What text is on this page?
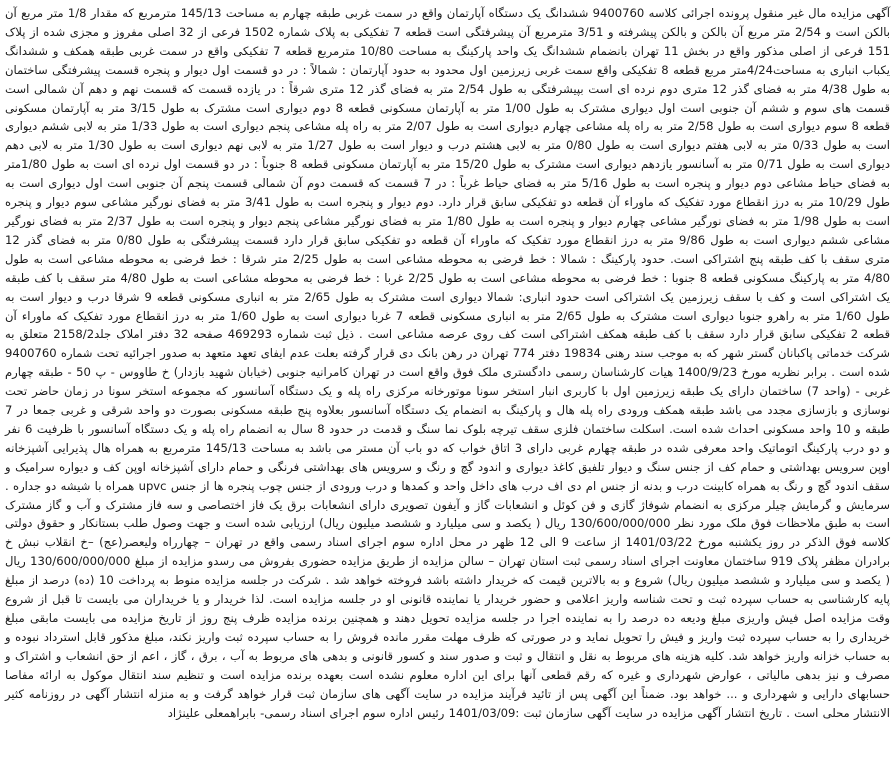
آگهی مزایده مال غیر منقول پرونده اجرائی کلاسه 9400760 ششدانگ یک دستگاه آپارتمان واقع در سمت غربی طبقه چهارم به مساحت 145/13 مترمربع که مقدار 1/8 متر مربع آن بالکن است و 2/54 متر مربع آن بالکن و بالکن پیشرفته و 3/51 مترمربع آن پیشرفتگی است قطعه 7 تفکیکی به پلاک شماره 1502 فرعی از 32 اصلی مفروز و مجزی شده از پلاک 151 فرعی از اصلی مذکور واقع در بخش 11 تهران بانضمام ششدانگ یک واحد پارکینگ به مساحت 10/80 مترمربع قطعه 7 تفکیکی واقع در سمت غربی طبقه همکف و ششدانگ یکباب انباری به مساحت4/24متر مربع قطعه 8 تفکیکی واقع سمت غربی زیرزمین اول محدود به حدود آپارتمان : شمالاً : در دو قسمت اول دیوار و پنجره قسمت پیشرفتگی ساختمان به طول 4/38 متر به فضای گذر 12 متری دوم نرده ای است بپیشرفتگی به طول 2/54 متر به فضای گذر 12 متری شرقاً : در یازده قسمت که قسمت نهم و دهم آن شمالی است قسمت های سوم و ششم آن جنوبی است اول دیواری مشترک به طول 1/00 متر به آپارتمان مسکونی قطعه 8 دوم دیواری است مشترک به طول 3/15 متر به آپارتمان مسکونی قطعه 8 سوم دیواری است به طول 2/58 متر به راه پله مشاعی چهارم دیواری است به طول 2/07 متر به راه پله مشاعی پنجم دیواری است به طول 1/33 متر به لابی ششم دیواری است به طول 0/33 متر به لابی هفتم دیواری است به طول 0/80 متر به لابی هشتم درب و دیوار است به طول 1/27 متر به لابی نهم دیواری است به طول 1/30 متر به لابی دهم دیواری است به طول 0/71 متر به آسانسور یازدهم دیواری است مشترک به طول 15/20 متر به آپارتمان مسکونی قطعه 8 جنوباً : در دو قسمت اول نرده ای است به طول 1/80متر به فضای حیاط مشاعی دوم دیوار و پنجره است به طول 5/16 متر به فضای حیاط غرباً : در 7 قسمت که قسمت دوم آن شمالی قسمت پنجم آن جنوبی است اول دیواری است به طول 10/29 متر به درز انقطاع مورد تفکیک که ماوراء آن قطعه دو تفکیکی سابق قرار دارد. دوم دیوار و پنجره است به طول 3/41 متر به فضای نورگیر مشاعی سوم دیوار و پنجره است به طول 1/98 متر به فضای نورگیر مشاعی چهارم دیوار و پنجره است به طول 1/80 متر به فضای نورگیر مشاعی پنجم دیوار و پنجره است به طول 2/37 متر به فضای نورگیر مشاعی ششم دیواری است به طول 9/86 متر به درز انقطاع مورد تفکیک که ماوراء آن قطعه دو تفکیکی سابق قرار دارد قسمت پیشرفتگی به طول 0/80 متر به فضای گذر 12 متری سقف با کف طبقه پنج اشتراکی است. حدود پارکینگ : شمالا : خط فرضی به محوطه مشاعی است به طول 2/25 متر شرقا : خط فرضی به محوطه مشاعی است به طول 4/80 متر به پارکینگ مسکونی قطعه 8 جنوبا : خط فرضی به محوطه مشاعی است به طول 2/25 غربا : خط فرضی به محوطه مشاعی است به طول 4/80 متر سقف با کف طبقه یک اشتراکی است و کف با سقف زیرزمین یک اشتراکی است حدود انباری: شمالا دیواری است مشترک به طول 2/65 متر به انباری مسکونی قطعه 9 شرقا درب و دیوار است به طول 1/60 متر به راهرو جنوبا دیواری است مشترک به طول 2/65 متر به انباری مسکونی قطعه 7 غربا دیواری است به طول 1/60 متر به درز انقطاع مورد تفکیک که ماوراء آن قطعه 2 تفکیکی سابق قرار دارد سقف با کف طبقه همکف اشتراکی است کف روی عرصه مشاعی است . ذیل ثبت شماره 469293 صفحه 32 دفتر املاک جلد2158/2 متعلق به شرکت خدماتی پاکبانان گستر شهر که به موجب سند رهنی 19834 دفتر 774 تهران در رهن بانک دی قرار گرفته بعلت عدم ایفای تعهد متعهد به صدور اجرائیه تحت شماره 9400760 شده است . برابر نظریه مورخ 1400/9/23 هیات کارشناسان رسمی دادگستری ملک فوق واقع است در تهران کامرانیه جنوبی (خیابان شهید بازدار) خ طاووس - پ 50 - طبقه چهارم غربی - (واحد 7) ساختمان دارای یک طبقه زیرزمین اول با کاربری انبار استخر سونا موتورخانه مرکزی راه پله و یک دستگاه آسانسور که مجموعه استخر سونا در زمان حاضر تحت نوسازی و بازسازی مجدد می باشد طبقه همکف ورودی راه پله هال و پارکینگ به انضمام یک دستگاه آسانسور بعلاوه پنج طبقه مسکونی بصورت دو واحد شرقی و غربی جمعا در 7 طبقه و 10 واحد مسکونی احداث شده است. اسکلت ساختمان فلزی سقف تیرچه بلوک نما سنگ و قدمت در حدود 8 سال به انضمام راه پله و یک دستگاه آسانسور با ظرفیت 6 نفر و دو درب پارکینگ اتوماتیک واحد معرفی شده در طبقه چهارم غربی دارای 3 اتاق خواب که دو باب آن مستر می باشد به مساحت 145/13 مترمربع به همراه هال پذیرایی آشپزخانه اوپن سرویس بهداشتی و حمام کف از جنس سنگ و دیوار تلفیق کاغذ دیواری و اندود گچ و رنگ و سرویس های بهداشتی فرنگی و حمام دارای آشپزخانه اوپن کف و دیواره سرامیک و سقف اندود گچ و رنگ به همراه کابینت درب و بدنه از جنس ام دی اف درب های داخل واحد و کمدها و درب ورودی از جنس چوب پنجره ها از جنس upvc همراه با شیشه دو جداره . سرمایش و گرمایش چیلر مرکزی به انضمام شوفاژ گازی و فن کوئل و انشعابات گاز و آیفون تصویری دارای انشعابات برق یک فاز اختصاصی و سه فاز مشترک و آب و گاز مشترک است به طبق ملاحظات فوق ملک مورد نظر 130/600/000/000 ریال ( یکصد و سی میلیارد و ششصد میلیون ریال) ارزیابی شده است و جهت وصول طلب بستانکار و حقوق دولتی کلاسه فوق الذکر در روز یکشنبه مورخ 1401/03/22 از ساعت 9 الی 12 ظهر در محل اداره سوم اجرای اسناد رسمی واقع در تهران – چهارراه ولیعصر(عج) –خ انقلاب نبش خ برادران مظفر پلاک 919 ساختمان معاونت اجرای اسناد رسمی ثبت استان تهران – سالن مزایده از طریق مزایده حضوری بفروش می رسدو مزایده از مبلغ 130/600/000/000 ریال ( یکصد و سی میلیارد و ششصد میلیون ریال) شروع و به بالاترین قیمت که خریدار داشته باشد فروخته خواهد شد . شرکت در جلسه مزایده منوط به پرداخت 10 (ده) درصد از مبلغ پایه کارشناسی به حساب سپرده ثبت و تحت شناسه واریز اعلامی و حضور خریدار یا نماینده قانونی او در جلسه مزایده است. لذا خریدار و یا خریداران می بایست تا قبل از شروع وقت مزایده اصل فیش واریزی مبلغ ودیعه ده درصد را به نماینده اجرا در جلسه مزایده تحویل دهند و همچنین برنده مزایده ظرف پنج روز از تاریخ مزایده می بایست مابقی مبلغ خریداری را به حساب سپرده ثبت واریز و فیش را تحویل نماید و در صورتی که ظرف مهلت مقرر مانده فروش را به حساب سپرده ثبت واریز نکند، مبلغ مذکور قابل استرداد نبوده و به حساب خزانه واریز خواهد شد. کلیه هزینه های مربوط به نقل و انتقال و ثبت و صدور سند و کسور قانونی و بدهی های مربوط به آب ، برق ، گاز ، اعم از حق انشعاب و اشتراک و مصرف و نیز بدهی مالیاتی ، عوارض شهرداری و غیره که رقم قطعی آنها برای این اداره معلوم نشده است بعهده برنده مزایده است و تنظیم سند انتقال موکول به ارائه مفاصا حسابهای دارایی و شهرداری و ... خواهد بود. ضمناً این آگهی پس از تائید فرآیند مزایده در سایت آگهی های سازمان ثبت قرار خواهد گرفت و به منزله انتشار آگهی در روزنامه کثیر الانتشار محلی است . تاریخ انتشار آگهی مزایده در سایت آگهی سازمان ثبت :1401/03/09 رئیس اداره سوم اجرای اسناد رسمی- بابراهمعلی علینژاد
